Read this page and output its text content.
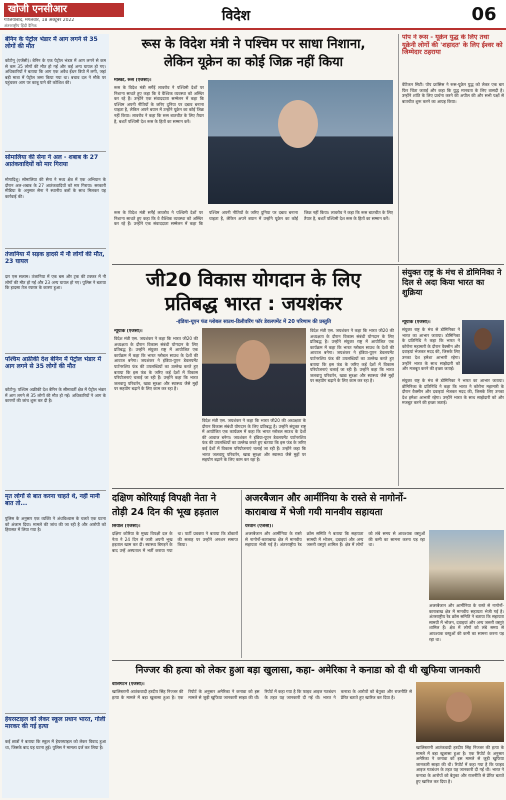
खोजी एनसीआर
गाजियाबाद, मंगलवार, 18 अक्टूबर 2022
अंतरराष्ट्रीय हिंदी दैनिक
विदेश	06
बेनिन के पेट्रोल भंडार में आग लगने से 35 लोगों की मौत
कोटोनू (एजेंसी)। बेनिन के एक पेट्रोल भंडार में आग लगने से कम से कम 35 लोगों की मौत हो गई और कई अन्य घायल हो गए। अधिकारियों ने बताया कि आग एक अवैध ईंधन डिपो में लगी, जहां बड़ी मात्रा में पेट्रोल जमा किया गया था। बचाव दल ने मौके पर पहुंचकर आग पर काबू पाने की कोशिश की।
सोमालिया की सेना ने अल - शबाब के 27 आतंकवादियों को मार गिराया
मोगादिशु। सोमालिया की सेना ने मध्य क्षेत्र में एक अभियान के दौरान अल-शबाब के 27 आतंकवादियों को मार गिराया। सरकारी मीडिया के अनुसार सेना ने स्थानीय बलों के साथ मिलकर यह कार्रवाई की।
तंजानिया में सड़क हादसे में नौ लोगों की मौत, 23 घायल
दार एस सलाम। तंजानिया में एक बस और ट्रक की टक्कर में नौ लोगों की मौत हो गई और 23 अन्य घायल हो गए। पुलिस ने बताया कि हादसा तेज रफ्तार के कारण हुआ।
पश्चिम अफ्रीकी देश बेनिन में पेट्रोल भंडार में आग लगने से 35 लोगों की मौत
कोटोनू। पश्चिम अफ्रीकी देश बेनिन के सीमावर्ती क्षेत्र में पेट्रोल भंडार में आग लगने से 35 लोगों की मौत हो गई। अधिकारियों ने आग के कारणों की जांच शुरू कर दी है।
मृत लोगों से बात करना चाहते थे, नहीं मानी बात तो...
पुलिस के अनुसार एक व्यक्ति ने अंधविश्वास के चलते एक घटना को अंजाम दिया। मामले की जांच की जा रही है और आरोपी को हिरासत में लिया गया है।
हेयरस्टाइल को लेकर स्कूल प्रधान भारत, गोली मारकर की गई हत्या
कई छात्रों ने बताया कि स्कूल में हेयरस्टाइल को लेकर विवाद हुआ था, जिसके बाद यह घटना हुई। पुलिस ने मामला दर्ज कर लिया है।
रूस के विदेश मंत्री ने पश्चिम पर साधा निशाना,
लेकिन यूक्रेन का कोई जिक्र नहीं किया
मास्को, रूस (एजेंसी)।
रूस के विदेश मंत्री सर्गेई लावरोव ने पश्चिमी देशों पर निशाना साधते हुए कहा कि वे वैश्विक व्यवस्था को अस्थिर कर रहे हैं। उन्होंने एक संवाददाता सम्मेलन में कहा कि पश्चिम अपनी नीतियों के जरिए दुनिया पर दबाव बनाना चाहता है, लेकिन अपने बयान में उन्होंने यूक्रेन का कोई जिक्र नहीं किया। लावरोव ने कहा कि रूस बातचीत के लिए तैयार है, बशर्ते पश्चिमी देश रूस के हितों का सम्मान करें।
रूस के विदेश मंत्री सर्गेई लावरोव ने पश्चिमी देशों पर निशाना साधते हुए कहा कि वे वैश्विक व्यवस्था को अस्थिर कर रहे हैं। उन्होंने एक संवाददाता सम्मेलन में कहा कि पश्चिम अपनी नीतियों के जरिए दुनिया पर दबाव बनाना चाहता है, लेकिन अपने बयान में उन्होंने यूक्रेन का कोई जिक्र नहीं किया। लावरोव ने कहा कि रूस बातचीत के लिए तैयार है, बशर्ते पश्चिमी देश रूस के हितों का सम्मान करें।
पोप ने रूस - यूक्रेन युद्ध के लिए तथा यूक्रेनी लोगों की 'शहादत' के लिए ईश्वर को जिम्मेदार ठहराया
वेटिकन सिटी। पोप फ्रांसिस ने रूस-यूक्रेन युद्ध को लेकर एक बार फिर चिंता जताई और कहा कि युद्ध मानवता के लिए त्रासदी है। उन्होंने शांति के लिए प्रार्थना करने की अपील की और सभी पक्षों से बातचीत शुरू करने का आग्रह किया।
जी20 विकास योगदान के लिए
प्रतिबद्ध भारत : जयशंकर
-इंडिया-यूएन फंड ग्लोबल साउथ-डिलीवरिंग फॉर डेवलपमेंट में 20 परिणाम की प्रस्तुति
न्यूयॉर्क (एजेंसी)।
विदेश मंत्री एस. जयशंकर ने कहा कि भारत जी20 की अध्यक्षता के दौरान विकास संबंधी योगदान के लिए प्रतिबद्ध है। उन्होंने संयुक्त राष्ट्र में आयोजित एक कार्यक्रम में कहा कि भारत ग्लोबल साउथ के देशों की आवाज बनेगा। जयशंकर ने इंडिया-यूएन डेवलपमेंट पार्टनरशिप फंड की उपलब्धियों का उल्लेख करते हुए बताया कि इस फंड के जरिए कई देशों में विकास परियोजनाएं चलाई जा रही हैं। उन्होंने कहा कि भारत जलवायु परिवर्तन, खाद्य सुरक्षा और स्वास्थ्य जैसे मुद्दों पर सहयोग बढ़ाने के लिए काम कर रहा है।
विदेश मंत्री एस. जयशंकर ने कहा कि भारत जी20 की अध्यक्षता के दौरान विकास संबंधी योगदान के लिए प्रतिबद्ध है। उन्होंने संयुक्त राष्ट्र में आयोजित एक कार्यक्रम में कहा कि भारत ग्लोबल साउथ के देशों की आवाज बनेगा। जयशंकर ने इंडिया-यूएन डेवलपमेंट पार्टनरशिप फंड की उपलब्धियों का उल्लेख करते हुए बताया कि इस फंड के जरिए कई देशों में विकास परियोजनाएं चलाई जा रही हैं। उन्होंने कहा कि भारत जलवायु परिवर्तन, खाद्य सुरक्षा और स्वास्थ्य जैसे मुद्दों पर सहयोग बढ़ाने के लिए काम कर रहा है।
विदेश मंत्री एस. जयशंकर ने कहा कि भारत जी20 की अध्यक्षता के दौरान विकास संबंधी योगदान के लिए प्रतिबद्ध है। उन्होंने संयुक्त राष्ट्र में आयोजित एक कार्यक्रम में कहा कि भारत ग्लोबल साउथ के देशों की आवाज बनेगा। जयशंकर ने इंडिया-यूएन डेवलपमेंट पार्टनरशिप फंड की उपलब्धियों का उल्लेख करते हुए बताया कि इस फंड के जरिए कई देशों में विकास परियोजनाएं चलाई जा रही हैं। उन्होंने कहा कि भारत जलवायु परिवर्तन, खाद्य सुरक्षा और स्वास्थ्य जैसे मुद्दों पर सहयोग बढ़ाने के लिए काम कर रहा है।
संयुक्त राष्ट्र के मंच से डोमिनिका ने दिल से अदा किया भारत का शुक्रिया
न्यूयॉर्क (एजेंसी)।
संयुक्त राष्ट्र के मंच से डोमिनिका ने भारत का आभार जताया। डोमिनिका के प्रतिनिधि ने कहा कि भारत ने कोरोना महामारी के दौरान वैक्सीन और दवाइयां भेजकर मदद की, जिसके लिए उनका देश हमेशा आभारी रहेगा। उन्होंने भारत के साथ साझेदारी को और मजबूत करने की इच्छा जताई।
संयुक्त राष्ट्र के मंच से डोमिनिका ने भारत का आभार जताया। डोमिनिका के प्रतिनिधि ने कहा कि भारत ने कोरोना महामारी के दौरान वैक्सीन और दवाइयां भेजकर मदद की, जिसके लिए उनका देश हमेशा आभारी रहेगा। उन्होंने भारत के साथ साझेदारी को और मजबूत करने की इच्छा जताई।
दक्षिण कोरियाई विपक्षी नेता ने
तोड़ी 24 दिन की भूख हड़ताल
सियोल (एजेंसी)।
दक्षिण कोरिया के मुख्य विपक्षी दल के नेता ने 24 दिन से जारी अपनी भूख हड़ताल खत्म कर दी। स्वास्थ्य बिगड़ने के बाद उन्हें अस्पताल में भर्ती कराया गया था। पार्टी प्रवक्ता ने बताया कि डॉक्टरों की सलाह पर उन्होंने अनशन समाप्त किया।
अजरबैजान और आर्मीनिया के रास्ते से नागोर्नो-
काराबाख में भेजी गयी मानवीय सहायता
येरेवान (एजेंसी)।
अजरबैजान और आर्मीनिया के रास्ते से नागोर्नो-काराबाख क्षेत्र में मानवीय सहायता भेजी गई है। अंतरराष्ट्रीय रेड क्रॉस समिति ने बताया कि सहायता सामग्री में भोजन, दवाइयां और अन्य जरूरी वस्तुएं शामिल हैं। क्षेत्र में लोगों को लंबे समय से आवश्यक वस्तुओं की कमी का सामना करना पड़ रहा था।
अजरबैजान और आर्मीनिया के रास्ते से नागोर्नो-काराबाख क्षेत्र में मानवीय सहायता भेजी गई है। अंतरराष्ट्रीय रेड क्रॉस समिति ने बताया कि सहायता सामग्री में भोजन, दवाइयां और अन्य जरूरी वस्तुएं शामिल हैं। क्षेत्र में लोगों को लंबे समय से आवश्यक वस्तुओं की कमी का सामना करना पड़ रहा था।
निज्जर की हत्या को लेकर हुआ बड़ा खुलासा, कहा- अमेरिका ने कनाडा को दी थी खुफिया जानकारी
वाशिंगटन (एजेंसी)।
खालिस्तानी आतंकवादी हरदीप सिंह निज्जर की हत्या के मामले में बड़ा खुलासा हुआ है। एक रिपोर्ट के अनुसार अमेरिका ने कनाडा को इस मामले से जुड़ी खुफिया जानकारी साझा की थी। रिपोर्ट में कहा गया है कि फाइव आइज गठबंधन के तहत यह जानकारी दी गई थी। भारत ने कनाडा के आरोपों को बेतुका और राजनीति से प्रेरित बताते हुए खारिज कर दिया है।
खालिस्तानी आतंकवादी हरदीप सिंह निज्जर की हत्या के मामले में बड़ा खुलासा हुआ है। एक रिपोर्ट के अनुसार अमेरिका ने कनाडा को इस मामले से जुड़ी खुफिया जानकारी साझा की थी। रिपोर्ट में कहा गया है कि फाइव आइज गठबंधन के तहत यह जानकारी दी गई थी। भारत ने कनाडा के आरोपों को बेतुका और राजनीति से प्रेरित बताते हुए खारिज कर दिया है।
